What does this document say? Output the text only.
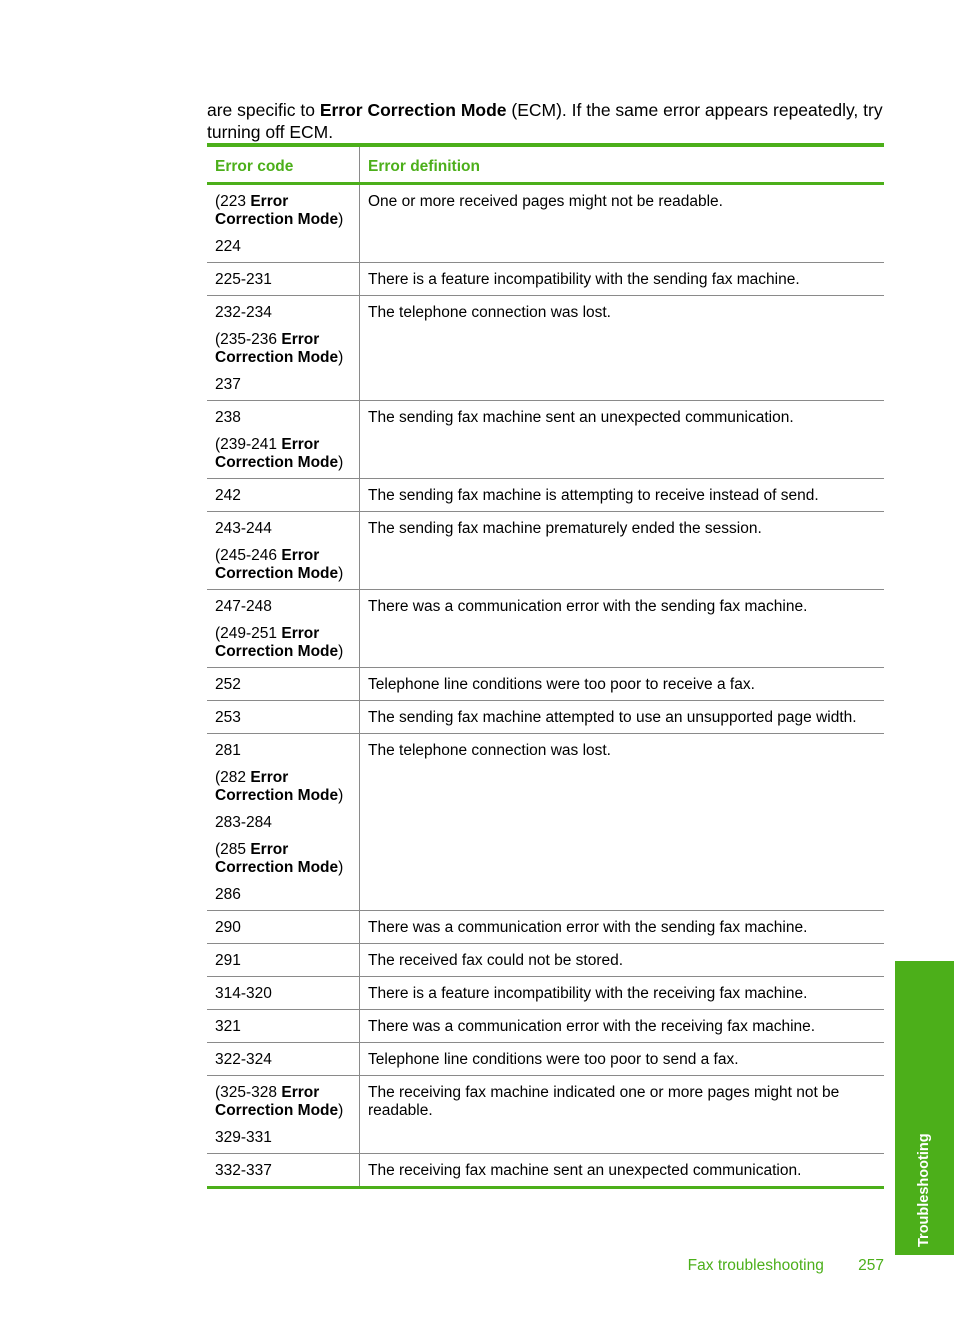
are specific to Error Correction Mode (ECM). If the same error appears repeatedly, try turning off ECM.

Error code	Error definition

(223 Error Correction Mode)
224	One or more received pages might not be readable.

225-231	There is a feature incompatibility with the sending fax machine.

232-234
(235-236 Error Correction Mode)
237	The telephone connection was lost.

238
(239-241 Error Correction Mode)	The sending fax machine sent an unexpected communication.

242	The sending fax machine is attempting to receive instead of send.

243-244
(245-246 Error Correction Mode)	The sending fax machine prematurely ended the session.

247-248
(249-251 Error Correction Mode)	There was a communication error with the sending fax machine.

252	Telephone line conditions were too poor to receive a fax.

253	The sending fax machine attempted to use an unsupported page width.

281
(282 Error Correction Mode)
283-284
(285 Error Correction Mode)
286	The telephone connection was lost.

290	There was a communication error with the sending fax machine.

291	The received fax could not be stored.

314-320	There is a feature incompatibility with the receiving fax machine.

321	There was a communication error with the receiving fax machine.

322-324	Telephone line conditions were too poor to send a fax.

(325-328 Error Correction Mode)
329-331	The receiving fax machine indicated one or more pages might not be readable.

332-337	The receiving fax machine sent an unexpected communication.	Troubleshooting
Fax troubleshooting 257
